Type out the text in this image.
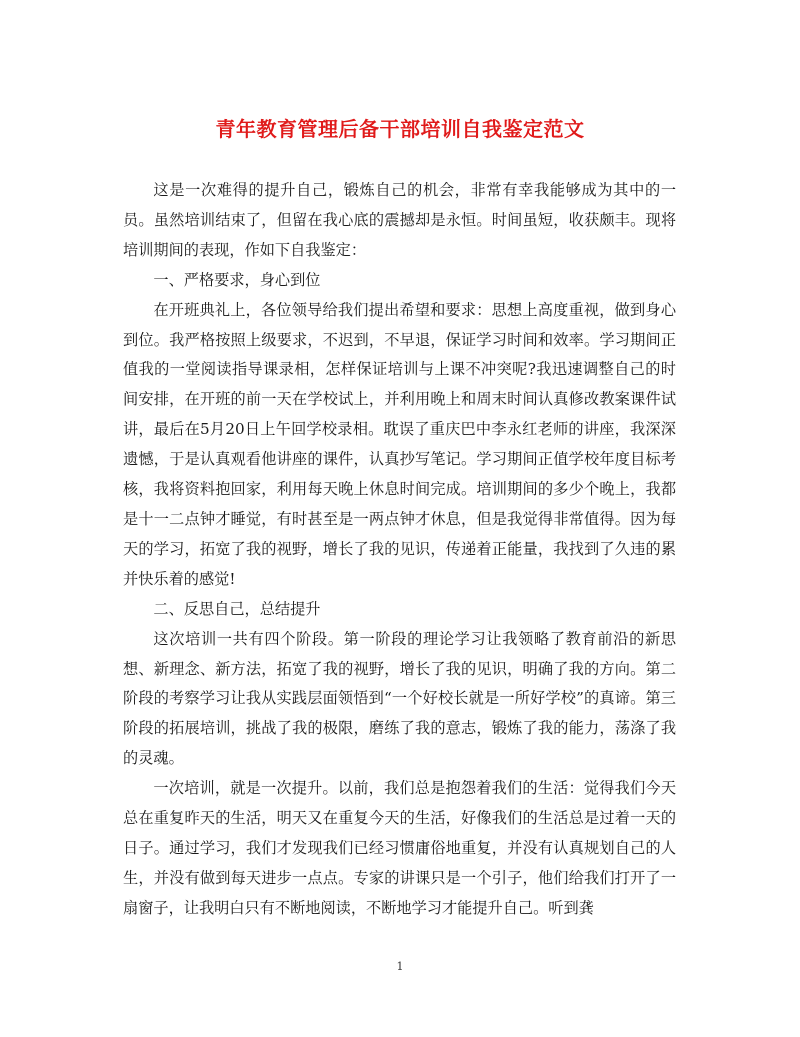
青年教育管理后备干部培训自我鉴定范文

这是一次难得的提升自己，锻炼自己的机会，非常有幸我能够成为其中的一员。虽然培训结束了，但留在我心底的震撼却是永恒。时间虽短，收获颇丰。现将培训期间的表现，作如下自我鉴定：

一、严格要求，身心到位

在开班典礼上，各位领导给我们提出希望和要求：思想上高度重视，做到身心到位。我严格按照上级要求，不迟到，不早退，保证学习时间和效率。学习期间正值我的一堂阅读指导课录相，怎样保证培训与上课不冲突呢?我迅速调整自己的时间安排，在开班的前一天在学校试上，并利用晚上和周末时间认真修改教案课件试讲，最后在5月20日上午回学校录相。耽误了重庆巴中李永红老师的讲座，我深深遗憾，于是认真观看他讲座的课件，认真抄写笔记。学习期间正值学校年度目标考核，我将资料抱回家，利用每天晚上休息时间完成。培训期间的多少个晚上，我都是十一二点钟才睡觉，有时甚至是一两点钟才休息，但是我觉得非常值得。因为每天的学习，拓宽了我的视野，增长了我的见识，传递着正能量，我找到了久违的累并快乐着的感觉!

二、反思自己，总结提升

这次培训一共有四个阶段。第一阶段的理论学习让我领略了教育前沿的新思想、新理念、新方法，拓宽了我的视野，增长了我的见识，明确了我的方向。第二阶段的考察学习让我从实践层面领悟到“一个好校长就是一所好学校”的真谛。第三阶段的拓展培训，挑战了我的极限，磨练了我的意志，锻炼了我的能力，荡涤了我的灵魂。

一次培训，就是一次提升。以前，我们总是抱怨着我们的生活：觉得我们今天总在重复昨天的生活，明天又在重复今天的生活，好像我们的生活总是过着一天的日子。通过学习，我们才发现我们已经习惯庸俗地重复，并没有认真规划自己的人生，并没有做到每天进步一点点。专家的讲课只是一个引子，他们给我们打开了一扇窗子，让我明白只有不断地阅读，不断地学习才能提升自己。听到龚

1
